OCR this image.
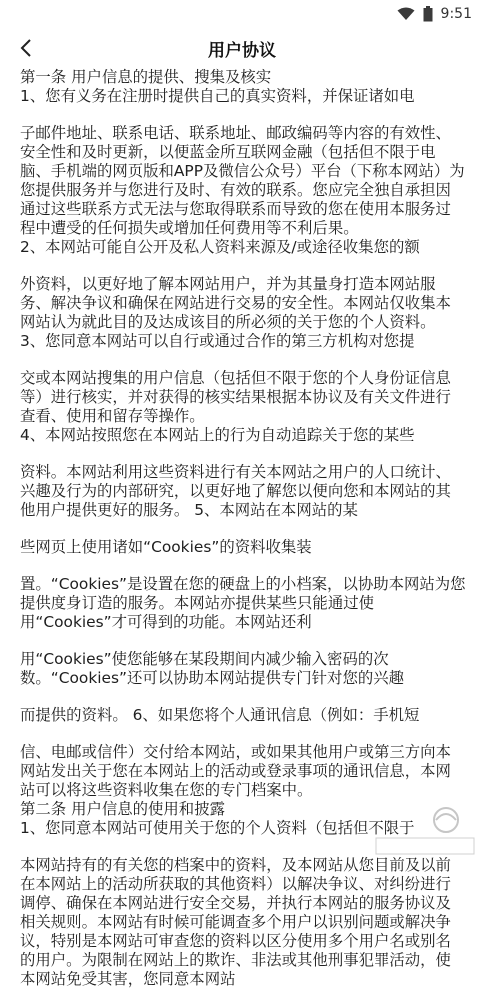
9:51
用户协议

第一条 用户信息的提供、搜集及核实

1、您有义务在注册时提供自己的真实资料，并保证诸如电

子邮件地址、联系电话、联系地址、邮政编码等内容的有效性、安全性和及时更新，以便蓝金所互联网金融（包括但不限于电脑、手机端的网页版和APP及微信公众号）平台（下称本网站）为您提供服务并与您进行及时、有效的联系。您应完全独自承担因通过这些联系方式无法与您取得联系而导致的您在使用本服务过程中遭受的任何损失或增加任何费用等不利后果。

2、本网站可能自公开及私人资料来源及/或途径收集您的额

外资料，以更好地了解本网站用户，并为其量身打造本网站服务、解决争议和确保在网站进行交易的安全性。本网站仅收集本网站认为就此目的及达成该目的所必须的关于您的个人资料。

3、您同意本网站可以自行或通过合作的第三方机构对您提

交或本网站搜集的用户信息（包括但不限于您的个人身份证信息等）进行核实，并对获得的核实结果根据本协议及有关文件进行查看、使用和留存等操作。

4、本网站按照您在本网站上的行为自动追踪关于您的某些

资料。本网站利用这些资料进行有关本网站之用户的人口统计、兴趣及行为的内部研究，以更好地了解您以便向您和本网站的其他用户提供更好的服务。 5、本网站在本网站的某

些网页上使用诸如“Cookies”的资料收集装

置。“Cookies”是设置在您的硬盘上的小档案，以协助本网站为您提供度身订造的服务。本网站亦提供某些只能通过使用“Cookies”才可得到的功能。本网站还利

用“Cookies”使您能够在某段期间内减少输入密码的次数。“Cookies”还可以协助本网站提供专门针对您的兴趣

而提供的资料。 6、如果您将个人通讯信息（例如：手机短

信、电邮或信件）交付给本网站，或如果其他用户或第三方向本网站发出关于您在本网站上的活动或登录事项的通讯信息，本网站可以将这些资料收集在您的专门档案中。

第二条 用户信息的使用和披露

1、您同意本网站可使用关于您的个人资料（包括但不限于

本网站持有的有关您的档案中的资料，及本网站从您目前及以前在本网站上的活动所获取的其他资料）以解决争议、对纠纷进行调停、确保在本网站进行安全交易，并执行本网站的服务协议及相关规则。本网站有时候可能调查多个用户以识别问题或解决争议，特别是本网站可审查您的资料以区分使用多个用户名或别名的用户。为限制在网站上的欺诈、非法或其他刑事犯罪活动，使本网站免受其害，您同意本网站
